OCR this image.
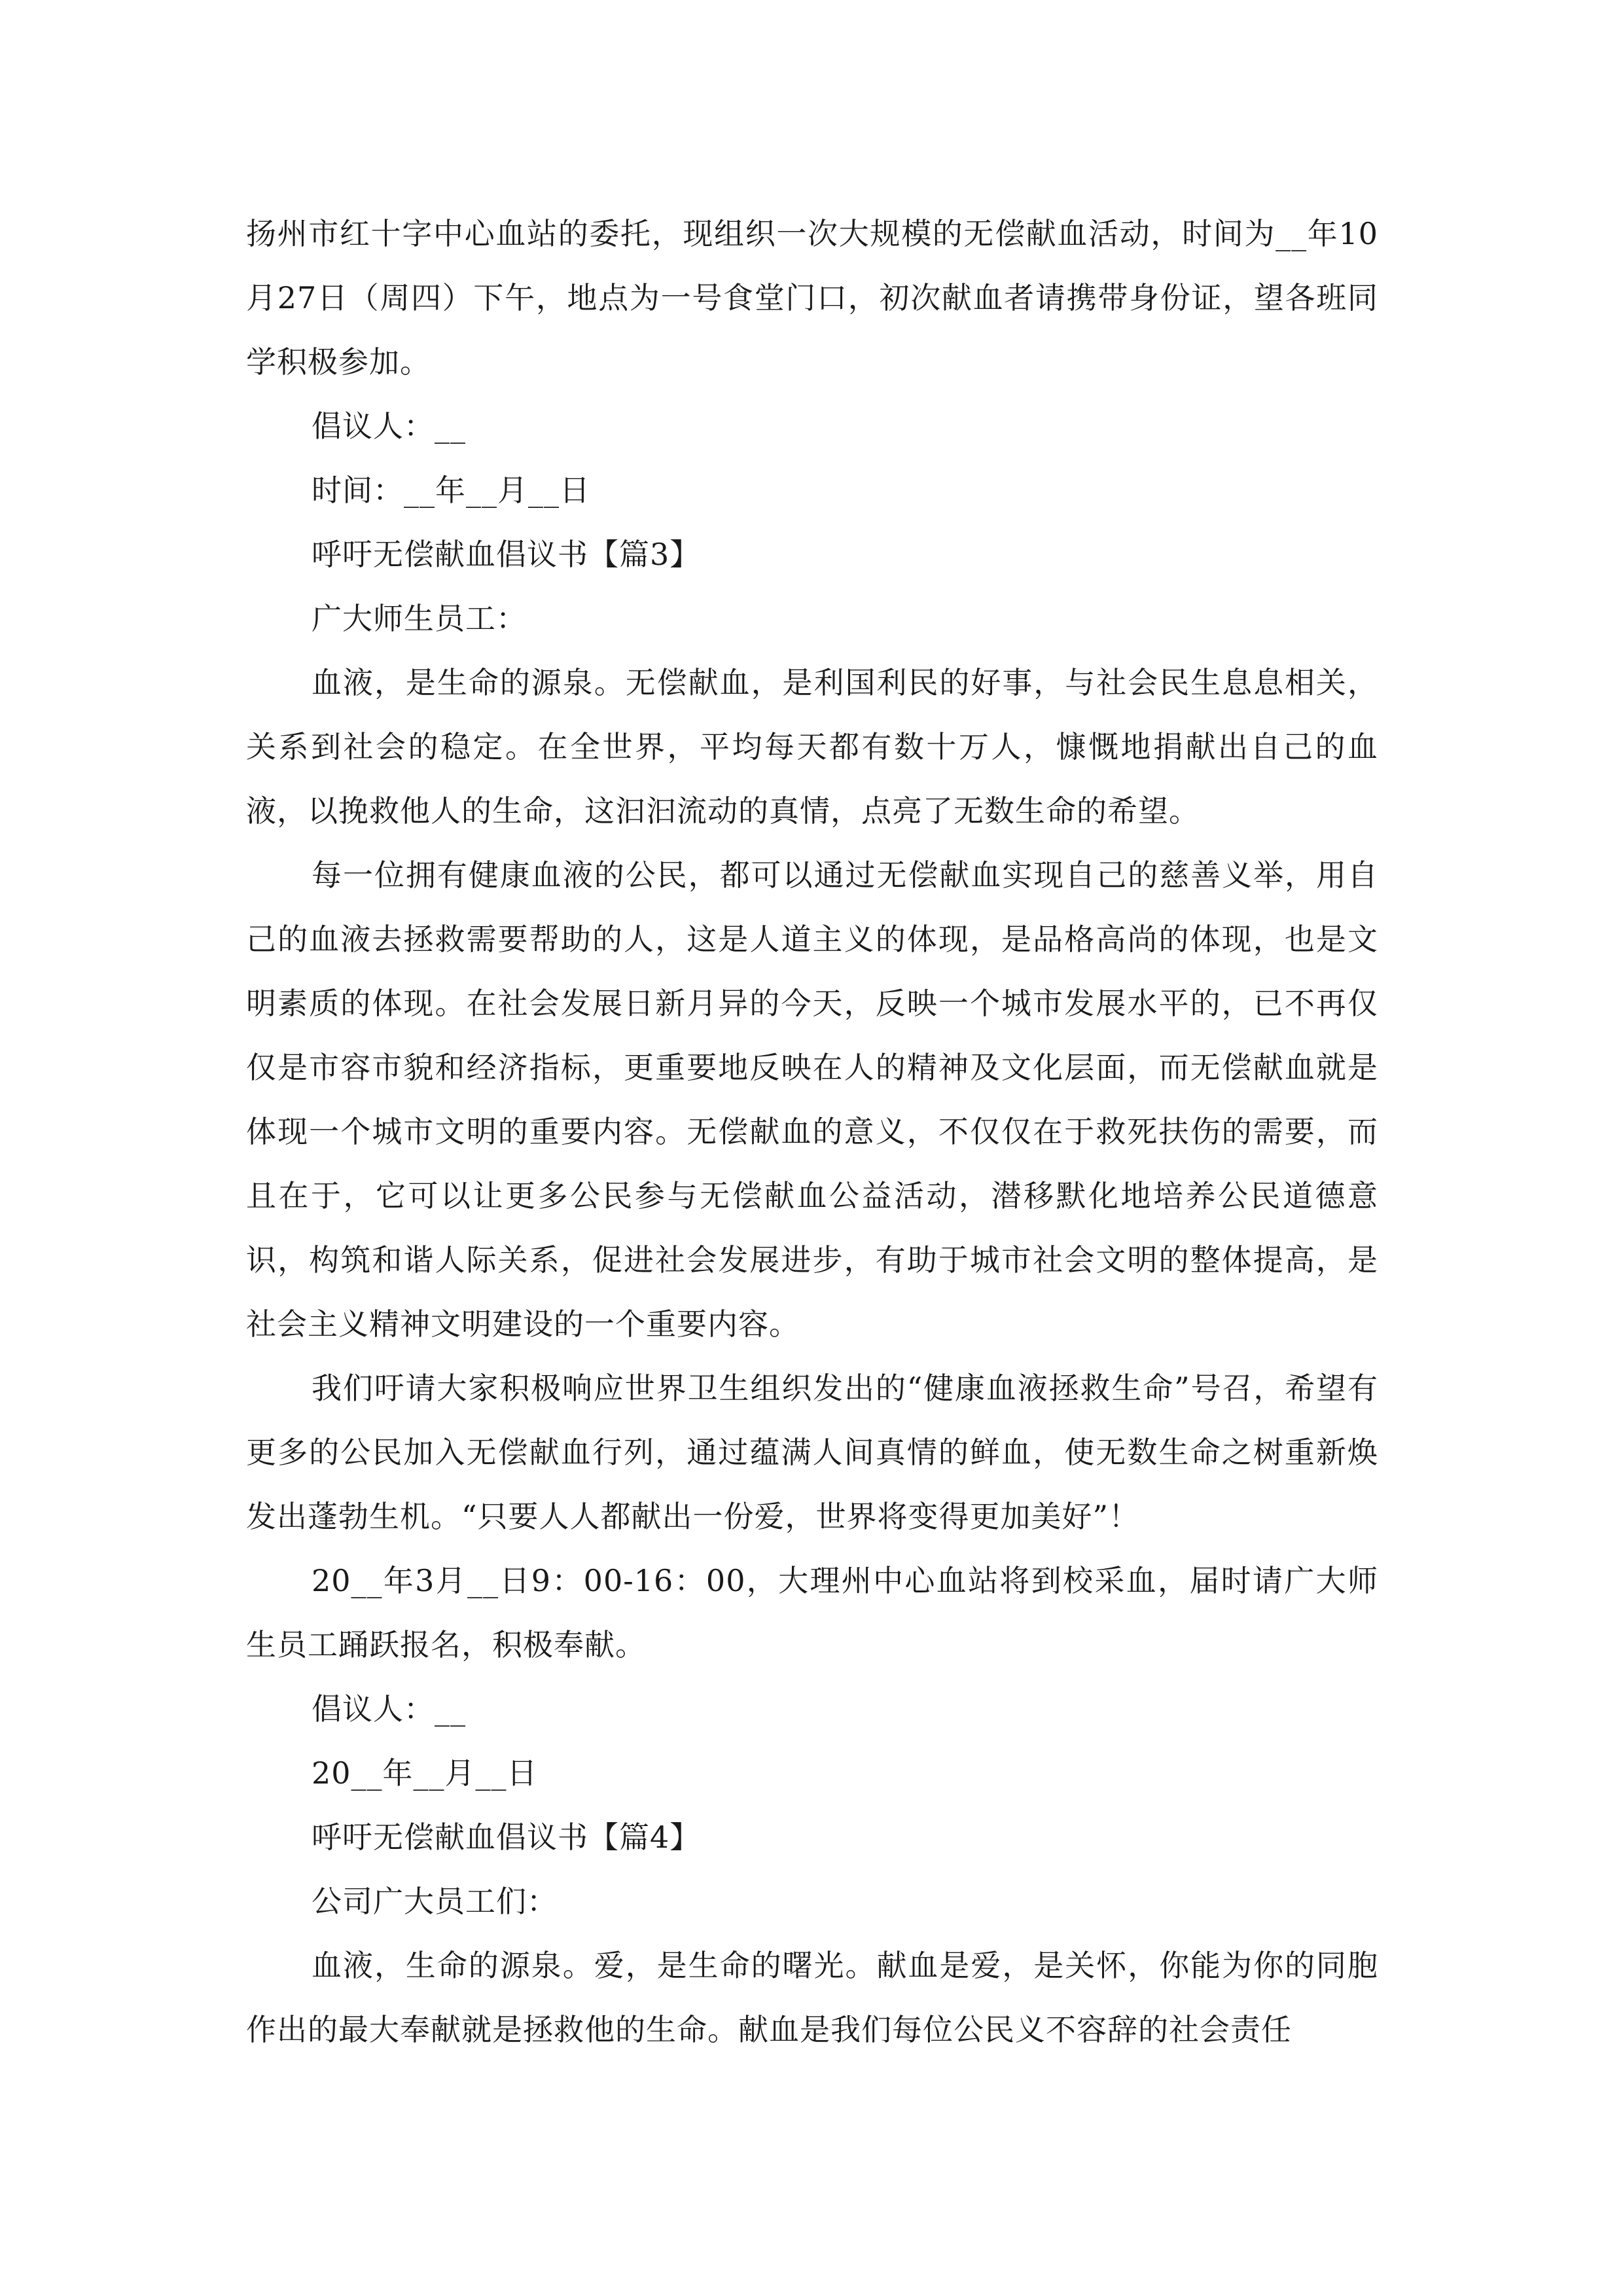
扬州市红十字中心血站的委托，现组织一次大规模的无偿献血活动，时间为__年10月27日（周四）下午，地点为一号食堂门口，初次献血者请携带身份证，望各班同学积极参加。

倡议人：__

时间：__年__月__日

呼吁无偿献血倡议书【篇3】

广大师生员工：

血液，是生命的源泉。无偿献血，是利国利民的好事，与社会民生息息相关，关系到社会的稳定。在全世界，平均每天都有数十万人，慷慨地捐献出自己的血液，以挽救他人的生命，这汩汩流动的真情，点亮了无数生命的希望。

每一位拥有健康血液的公民，都可以通过无偿献血实现自己的慈善义举，用自己的血液去拯救需要帮助的人，这是人道主义的体现，是品格高尚的体现，也是文明素质的体现。在社会发展日新月异的今天，反映一个城市发展水平的，已不再仅仅是市容市貌和经济指标，更重要地反映在人的精神及文化层面，而无偿献血就是体现一个城市文明的重要内容。无偿献血的意义，不仅仅在于救死扶伤的需要，而且在于，它可以让更多公民参与无偿献血公益活动，潜移默化地培养公民道德意识，构筑和谐人际关系，促进社会发展进步，有助于城市社会文明的整体提高，是社会主义精神文明建设的一个重要内容。

我们吁请大家积极响应世界卫生组织发出的“健康血液拯救生命”号召，希望有更多的公民加入无偿献血行列，通过蕴满人间真情的鲜血，使无数生命之树重新焕发出蓬勃生机。“只要人人都献出一份爱，世界将变得更加美好”！

20__年3月__日9：00-16：00，大理州中心血站将到校采血，届时请广大师生员工踊跃报名，积极奉献。

倡议人：__

20__年__月__日

呼吁无偿献血倡议书【篇4】

公司广大员工们：

血液，生命的源泉。爱，是生命的曙光。献血是爱，是关怀，你能为你的同胞作出的最大奉献就是拯救他的生命。献血是我们每位公民义不容辞的社会责任
